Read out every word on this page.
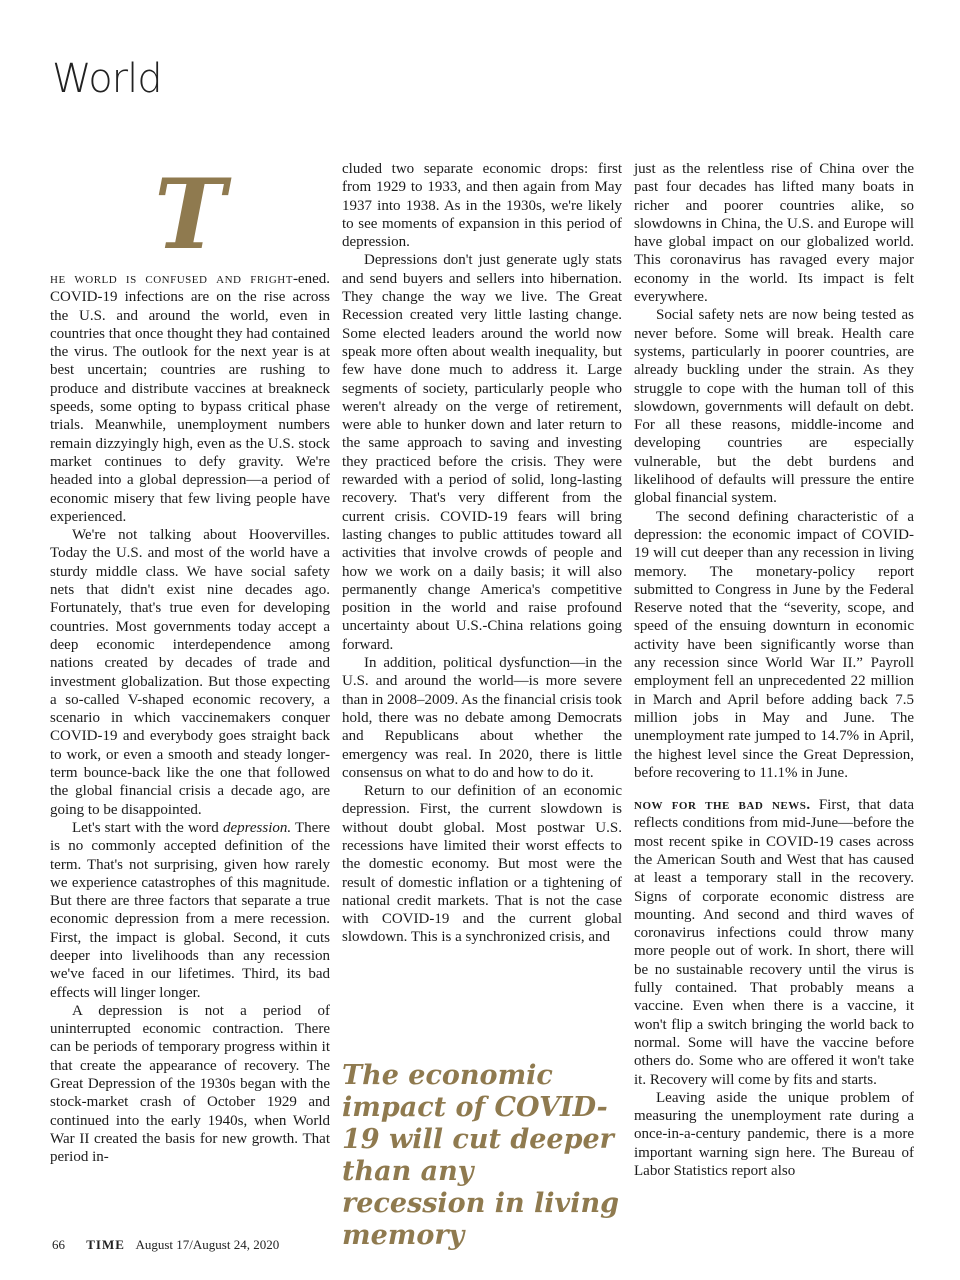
World
T

he world is confused and fright-ened. COVID-19 infections are on the rise across the U.S. and around the world, even in countries that once thought they had contained the virus. The outlook for the next year is at best uncertain; countries are rushing to produce and distribute vaccines at breakneck speeds, some opting to bypass critical phase trials. Meanwhile, unemployment numbers remain dizzyingly high, even as the U.S. stock market continues to defy gravity. We're headed into a global depression—a period of economic misery that few living people have experienced.

We're not talking about Hoovervilles. Today the U.S. and most of the world have a sturdy middle class. We have social safety nets that didn't exist nine decades ago. Fortunately, that's true even for developing countries. Most governments today accept a deep economic interdependence among nations created by decades of trade and investment globalization. But those expecting a so-called V-shaped economic recovery, a scenario in which vaccinemakers conquer COVID-19 and everybody goes straight back to work, or even a smooth and steady longer-term bounce-back like the one that followed the global financial crisis a decade ago, are going to be disappointed.

Let's start with the word depression. There is no commonly accepted definition of the term. That's not surprising, given how rarely we experience catastrophes of this magnitude. But there are three factors that separate a true economic depression from a mere recession. First, the impact is global. Second, it cuts deeper into livelihoods than any recession we've faced in our lifetimes. Third, its bad effects will linger longer.

A depression is not a period of uninterrupted economic contraction. There can be periods of temporary progress within it that create the appearance of recovery. The Great Depression of the 1930s began with the stock-market crash of October 1929 and continued into the early 1940s, when World War II created the basis for new growth. That period in-

cluded two separate economic drops: first from 1929 to 1933, and then again from May 1937 into 1938. As in the 1930s, we're likely to see moments of expansion in this period of depression.

Depressions don't just generate ugly stats and send buyers and sellers into hibernation. They change the way we live. The Great Recession created very little lasting change. Some elected leaders around the world now speak more often about wealth inequality, but few have done much to address it. Large segments of society, particularly people who weren't already on the verge of retirement, were able to hunker down and later return to the same approach to saving and investing they practiced before the crisis. They were rewarded with a period of solid, long-lasting recovery. That's very different from the current crisis. COVID-19 fears will bring lasting changes to public attitudes toward all activities that involve crowds of people and how we work on a daily basis; it will also permanently change America's competitive position in the world and raise profound uncertainty about U.S.-China relations going forward.

In addition, political dysfunction—in the U.S. and around the world—is more severe than in 2008–2009. As the financial crisis took hold, there was no debate among Democrats and Republicans about whether the emergency was real. In 2020, there is little consensus on what to do and how to do it.

Return to our definition of an economic depression. First, the current slowdown is without doubt global. Most postwar U.S. recessions have limited their worst effects to the domestic economy. But most were the result of domestic inflation or a tightening of national credit markets. That is not the case with COVID-19 and the current global slowdown. This is a synchronized crisis, and

The economic impact of COVID-19 will cut deeper than any recession in living memory

just as the relentless rise of China over the past four decades has lifted many boats in richer and poorer countries alike, so slowdowns in China, the U.S. and Europe will have global impact on our globalized world. This coronavirus has ravaged every major economy in the world. Its impact is felt everywhere.

Social safety nets are now being tested as never before. Some will break. Health care systems, particularly in poorer countries, are already buckling under the strain. As they struggle to cope with the human toll of this slowdown, governments will default on debt. For all these reasons, middle-income and developing countries are especially vulnerable, but the debt burdens and likelihood of defaults will pressure the entire global financial system.

The second defining characteristic of a depression: the economic impact of COVID-19 will cut deeper than any recession in living memory. The monetary-policy report submitted to Congress in June by the Federal Reserve noted that the “severity, scope, and speed of the ensuing downturn in economic activity have been significantly worse than any recession since World War II.” Payroll employment fell an unprecedented 22 million in March and April before adding back 7.5 million jobs in May and June. The unemployment rate jumped to 14.7% in April, the highest level since the Great Depression, before recovering to 11.1% in June.

now for the bad news. First, that data reflects conditions from mid-June—before the most recent spike in COVID-19 cases across the American South and West that has caused at least a temporary stall in the recovery. Signs of corporate economic distress are mounting. And second and third waves of coronavirus infections could throw many more people out of work. In short, there will be no sustainable recovery until the virus is fully contained. That probably means a vaccine. Even when there is a vaccine, it won't flip a switch bringing the world back to normal. Some will have the vaccine before others do. Some who are offered it won't take it. Recovery will come by fits and starts.

Leaving aside the unique problem of measuring the unemployment rate during a once-in-a-century pandemic, there is a more important warning sign here. The Bureau of Labor Statistics report also

66 TIME August 17/August 24, 2020
